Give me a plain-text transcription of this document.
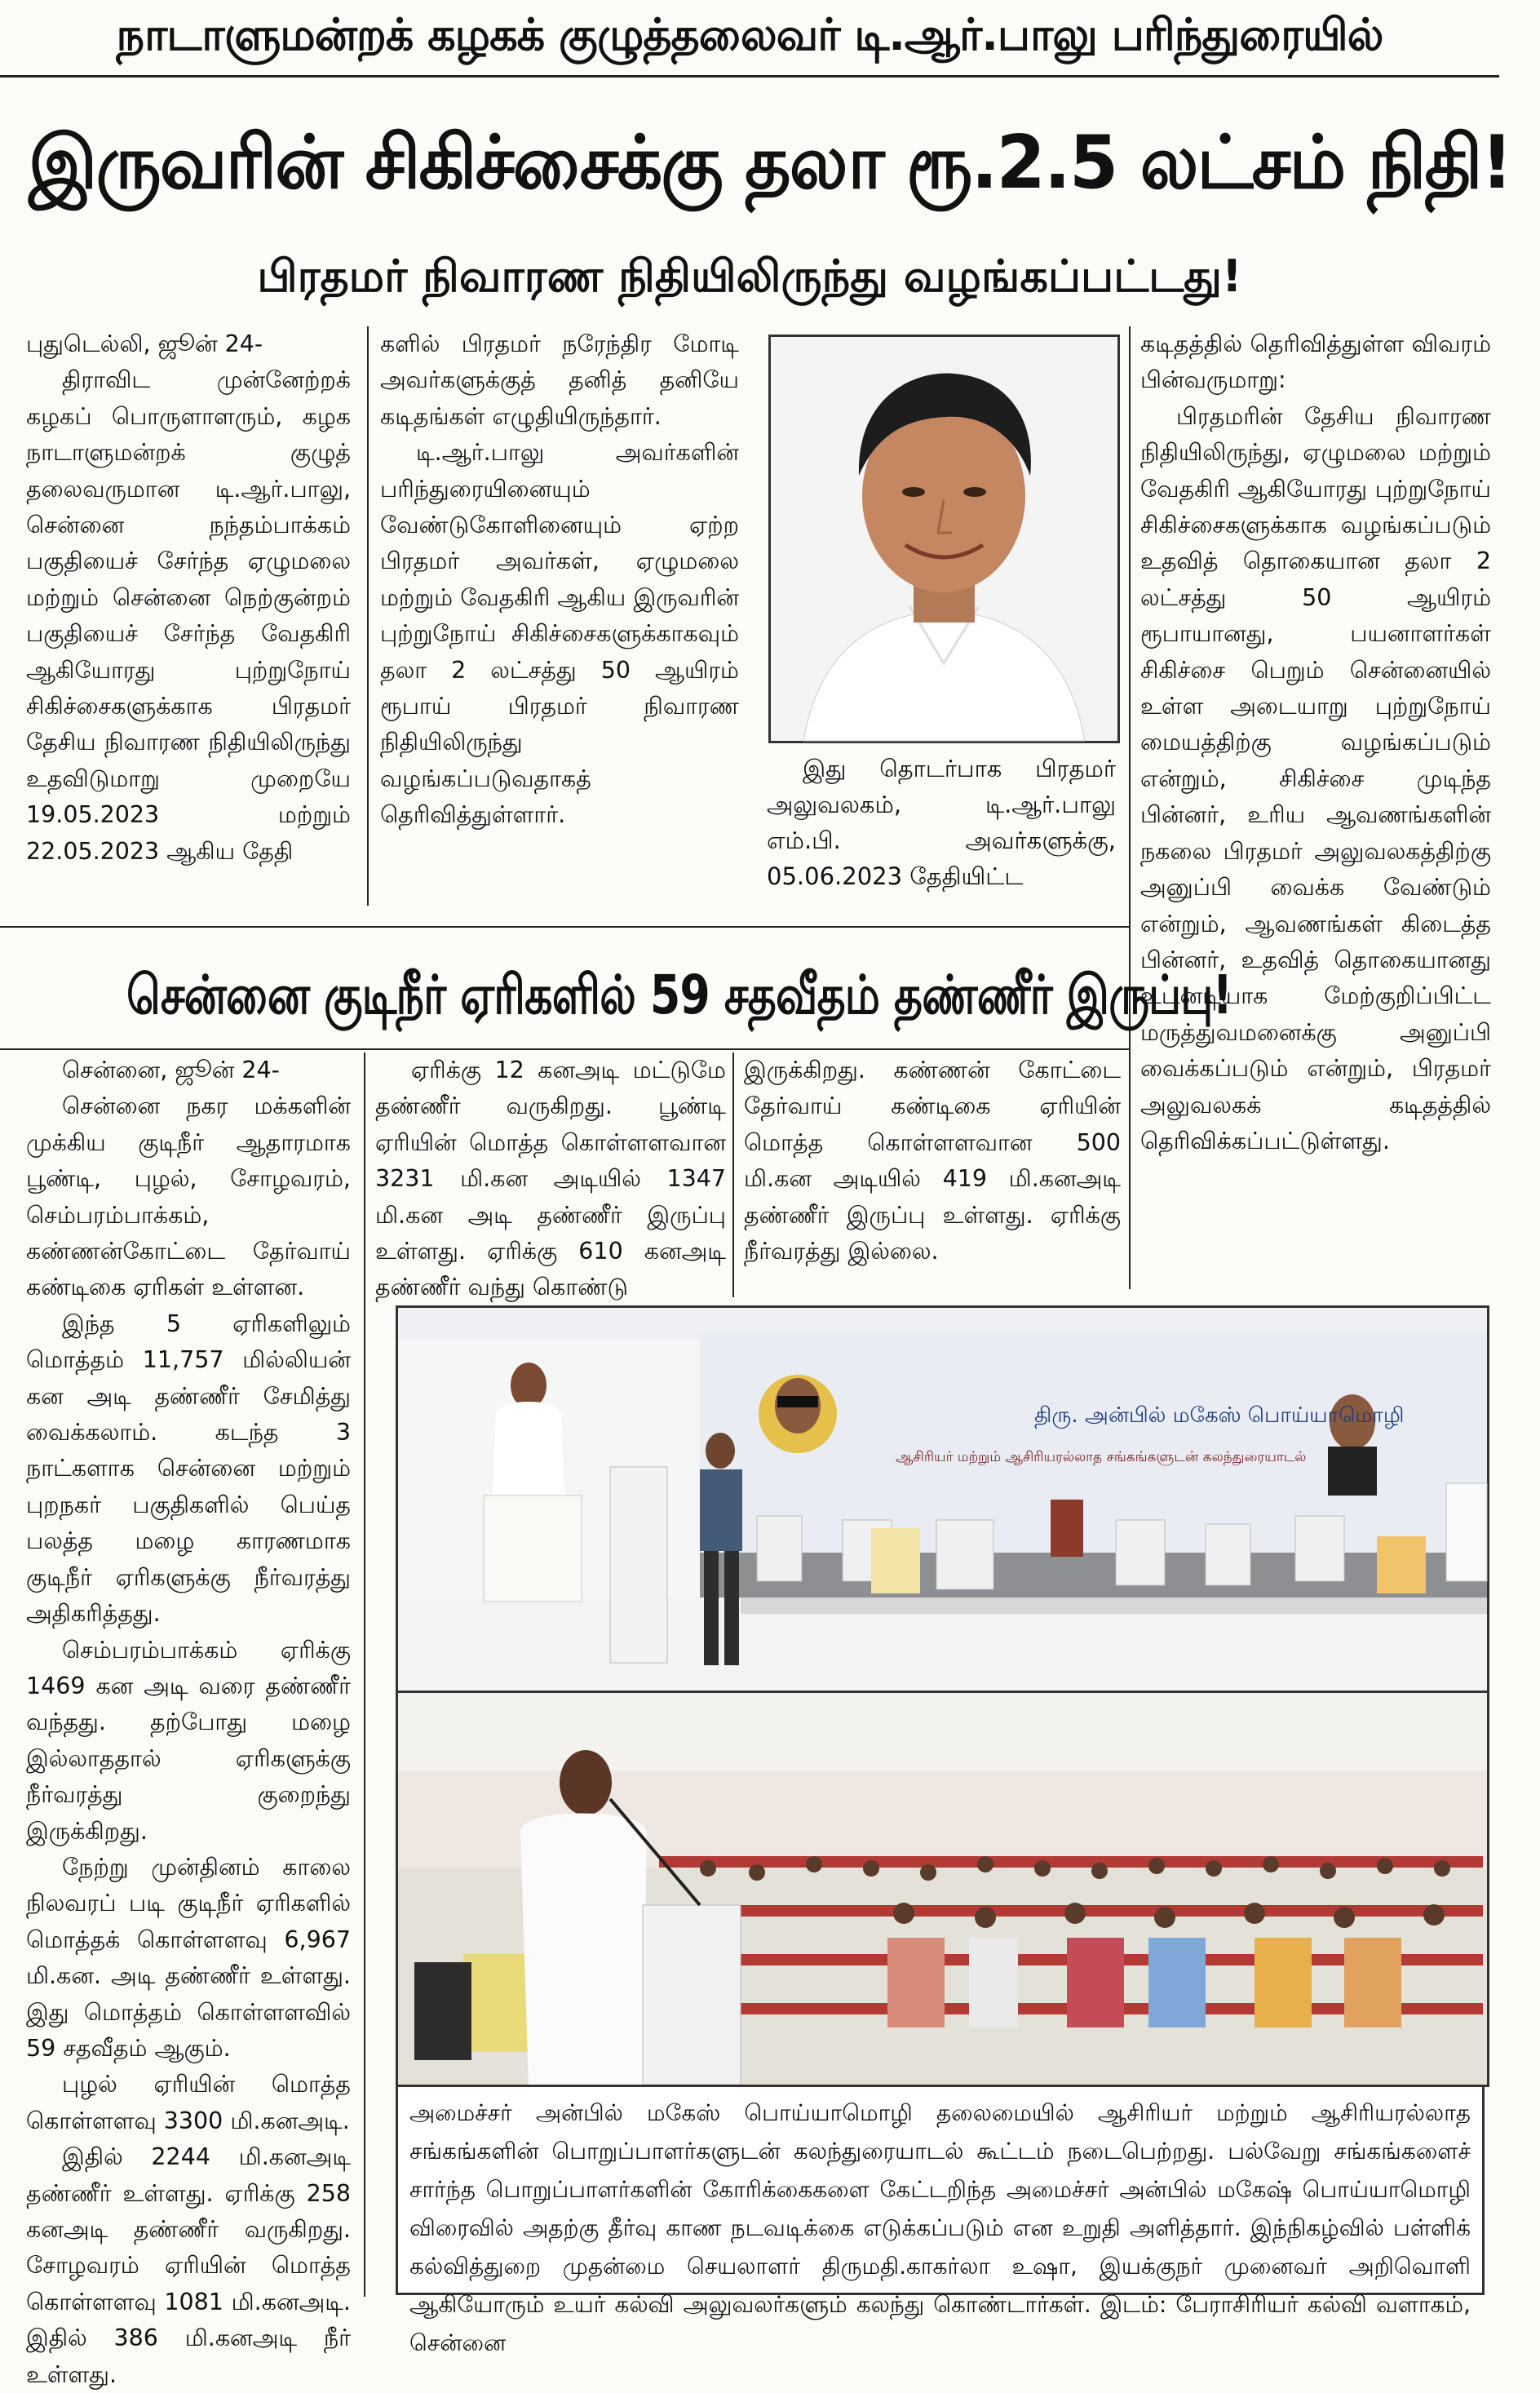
நாடாளுமன்றக் கழகக் குழுத்தலைவர் டி.ஆர்.பாலு பரிந்துரையில்
இருவரின் சிகிச்சைக்கு தலா ரூ.2.5 லட்சம் நிதி!
பிரதமர் நிவாரண நிதியிலிருந்து வழங்கப்பட்டது!

புதுடெல்லி, ஜூன் 24-

திராவிட முன்னேற்றக் கழகப் பொருளாளரும், கழக நாடாளுமன்றக் குழுத் தலைவருமான டி.ஆர்.பாலு, சென்னை நந்தம்பாக்கம் பகுதியைச் சேர்ந்த ஏழுமலை மற்றும் சென்னை நெற்குன்றம் பகுதியைச் சேர்ந்த வேதகிரி ஆகியோரது புற்றுநோய் சிகிச்சைகளுக்காக பிரதமர் தேசிய நிவாரண நிதியிலிருந்து உதவிடுமாறு முறையே 19.05.2023 மற்றும் 22.05.2023 ஆகிய தேதி

களில் பிரதமர் நரேந்திர மோடி அவர்களுக்குத் தனித் தனியே கடிதங்கள் எழுதியிருந்தார்.

டி.ஆர்.பாலு அவர்களின் பரிந்துரையினையும் வேண்டுகோளினையும் ஏற்ற பிரதமர் அவர்கள், ஏழுமலை மற்றும் வேதகிரி ஆகிய இருவரின் புற்றுநோய் சிகிச்சைகளுக்காகவும் தலா 2 லட்சத்து 50 ஆயிரம் ரூபாய் பிரதமர் நிவாரண நிதியிலிருந்து வழங்கப்படுவதாகத் தெரிவித்துள்ளார்.

இது தொடர்பாக பிரதமர் அலுவலகம், டி.ஆர்.பாலு எம்.பி. அவர்களுக்கு, 05.06.2023 தேதியிட்ட

கடிதத்தில் தெரிவித்துள்ள விவரம் பின்வருமாறு:

பிரதமரின் தேசிய நிவாரண நிதியிலிருந்து, ஏழுமலை மற்றும் வேதகிரி ஆகியோரது புற்றுநோய் சிகிச்சைகளுக்காக வழங்கப்படும் உதவித் தொகையான தலா 2 லட்சத்து 50 ஆயிரம் ரூபாயானது, பயனாளர்கள் சிகிச்சை பெறும் சென்னையில் உள்ள அடையாறு புற்றுநோய் மையத்திற்கு வழங்கப்படும் என்றும், சிகிச்சை முடிந்த பின்னர், உரிய ஆவணங்களின் நகலை பிரதமர் அலுவலகத்திற்கு அனுப்பி வைக்க வேண்டும் என்றும், ஆவணங்கள் கிடைத்த பின்னர், உதவித் தொகையானது உடனடியாக மேற்குறிப்பிட்ட மருத்துவமனைக்கு அனுப்பி வைக்கப்படும் என்றும், பிரதமர் அலுவலகக் கடிதத்தில் தெரிவிக்கப்பட்டுள்ளது.

சென்னை குடிநீர் ஏரிகளில் 59 சதவீதம் தண்ணீர் இருப்பு!

சென்னை, ஜூன் 24-

சென்னை நகர மக்களின் முக்கிய குடிநீர் ஆதாரமாக பூண்டி, புழல், சோழவரம், செம்பரம்பாக்கம், கண்ணன்கோட்டை தேர்வாய் கண்டிகை ஏரிகள் உள்ளன.

இந்த 5 ஏரிகளிலும் மொத்தம் 11,757 மில்லியன் கன அடி தண்ணீர் சேமித்து வைக்கலாம். கடந்த 3 நாட்களாக சென்னை மற்றும் புறநகர் பகுதிகளில் பெய்த பலத்த மழை காரணமாக குடிநீர் ஏரிகளுக்கு நீர்வரத்து அதிகரித்தது.

செம்பரம்பாக்கம் ஏரிக்கு 1469 கன அடி வரை தண்ணீர் வந்தது. தற்போது மழை இல்லாததால் ஏரிகளுக்கு நீர்வரத்து குறைந்து இருக்கிறது.

நேற்று முன்தினம் காலை நிலவரப் படி குடிநீர் ஏரிகளில் மொத்தக் கொள்ளளவு 6,967 மி.கன. அடி தண்ணீர் உள்ளது. இது மொத்தம் கொள்ளளவில் 59 சதவீதம் ஆகும்.

புழல் ஏரியின் மொத்த கொள்ளளவு 3300 மி.கனஅடி.

இதில் 2244 மி.கனஅடி தண்ணீர் உள்ளது. ஏரிக்கு 258 கனஅடி தண்ணீர் வருகிறது. சோழவரம் ஏரியின் மொத்த கொள்ளளவு 1081 மி.கனஅடி. இதில் 386 மி.கனஅடி நீர் உள்ளது.

ஏரிக்கு 12 கனஅடி மட்டுமே தண்ணீர் வருகிறது. பூண்டி ஏரியின் மொத்த கொள்ளளவான 3231 மி.கன அடியில் 1347 மி.கன அடி தண்ணீர் இருப்பு உள்ளது. ஏரிக்கு 610 கனஅடி தண்ணீர் வந்து கொண்டு

இருக்கிறது. கண்ணன் கோட்டை தேர்வாய் கண்டிகை ஏரியின் மொத்த கொள்ளளவான 500 மி.கன அடியில் 419 மி.கனஅடி தண்ணீர் இருப்பு உள்ளது. ஏரிக்கு நீர்வரத்து இல்லை.

திரு. அன்பில் மகேஸ் பொய்யாமொழி
ஆசிரியர் மற்றும் ஆசிரியரல்லாத சங்கங்களுடன் கலந்துரையாடல்
அமைச்சர் அன்பில் மகேஸ் பொய்யாமொழி தலைமையில் ஆசிரியர் மற்றும் ஆசிரியரல்லாத சங்கங்களின் பொறுப்பாளர்களுடன் கலந்துரையாடல் கூட்டம் நடைபெற்றது. பல்வேறு சங்கங்களைச் சார்ந்த பொறுப்பாளர்களின் கோரிக்கைகளை கேட்டறிந்த அமைச்சர் அன்பில் மகேஷ் பொய்யாமொழி விரைவில் அதற்கு தீர்வு காண நடவடிக்கை எடுக்கப்படும் என உறுதி அளித்தார். இந்நிகழ்வில் பள்ளிக் கல்வித்துறை முதன்மை செயலாளர் திருமதி.காகர்லா உஷா, இயக்குநர் முனைவர் அறிவொளி ஆகியோரும் உயர் கல்வி அலுவலர்களும் கலந்து கொண்டார்கள். இடம்: பேராசிரியர் கல்வி வளாகம், சென்னை
